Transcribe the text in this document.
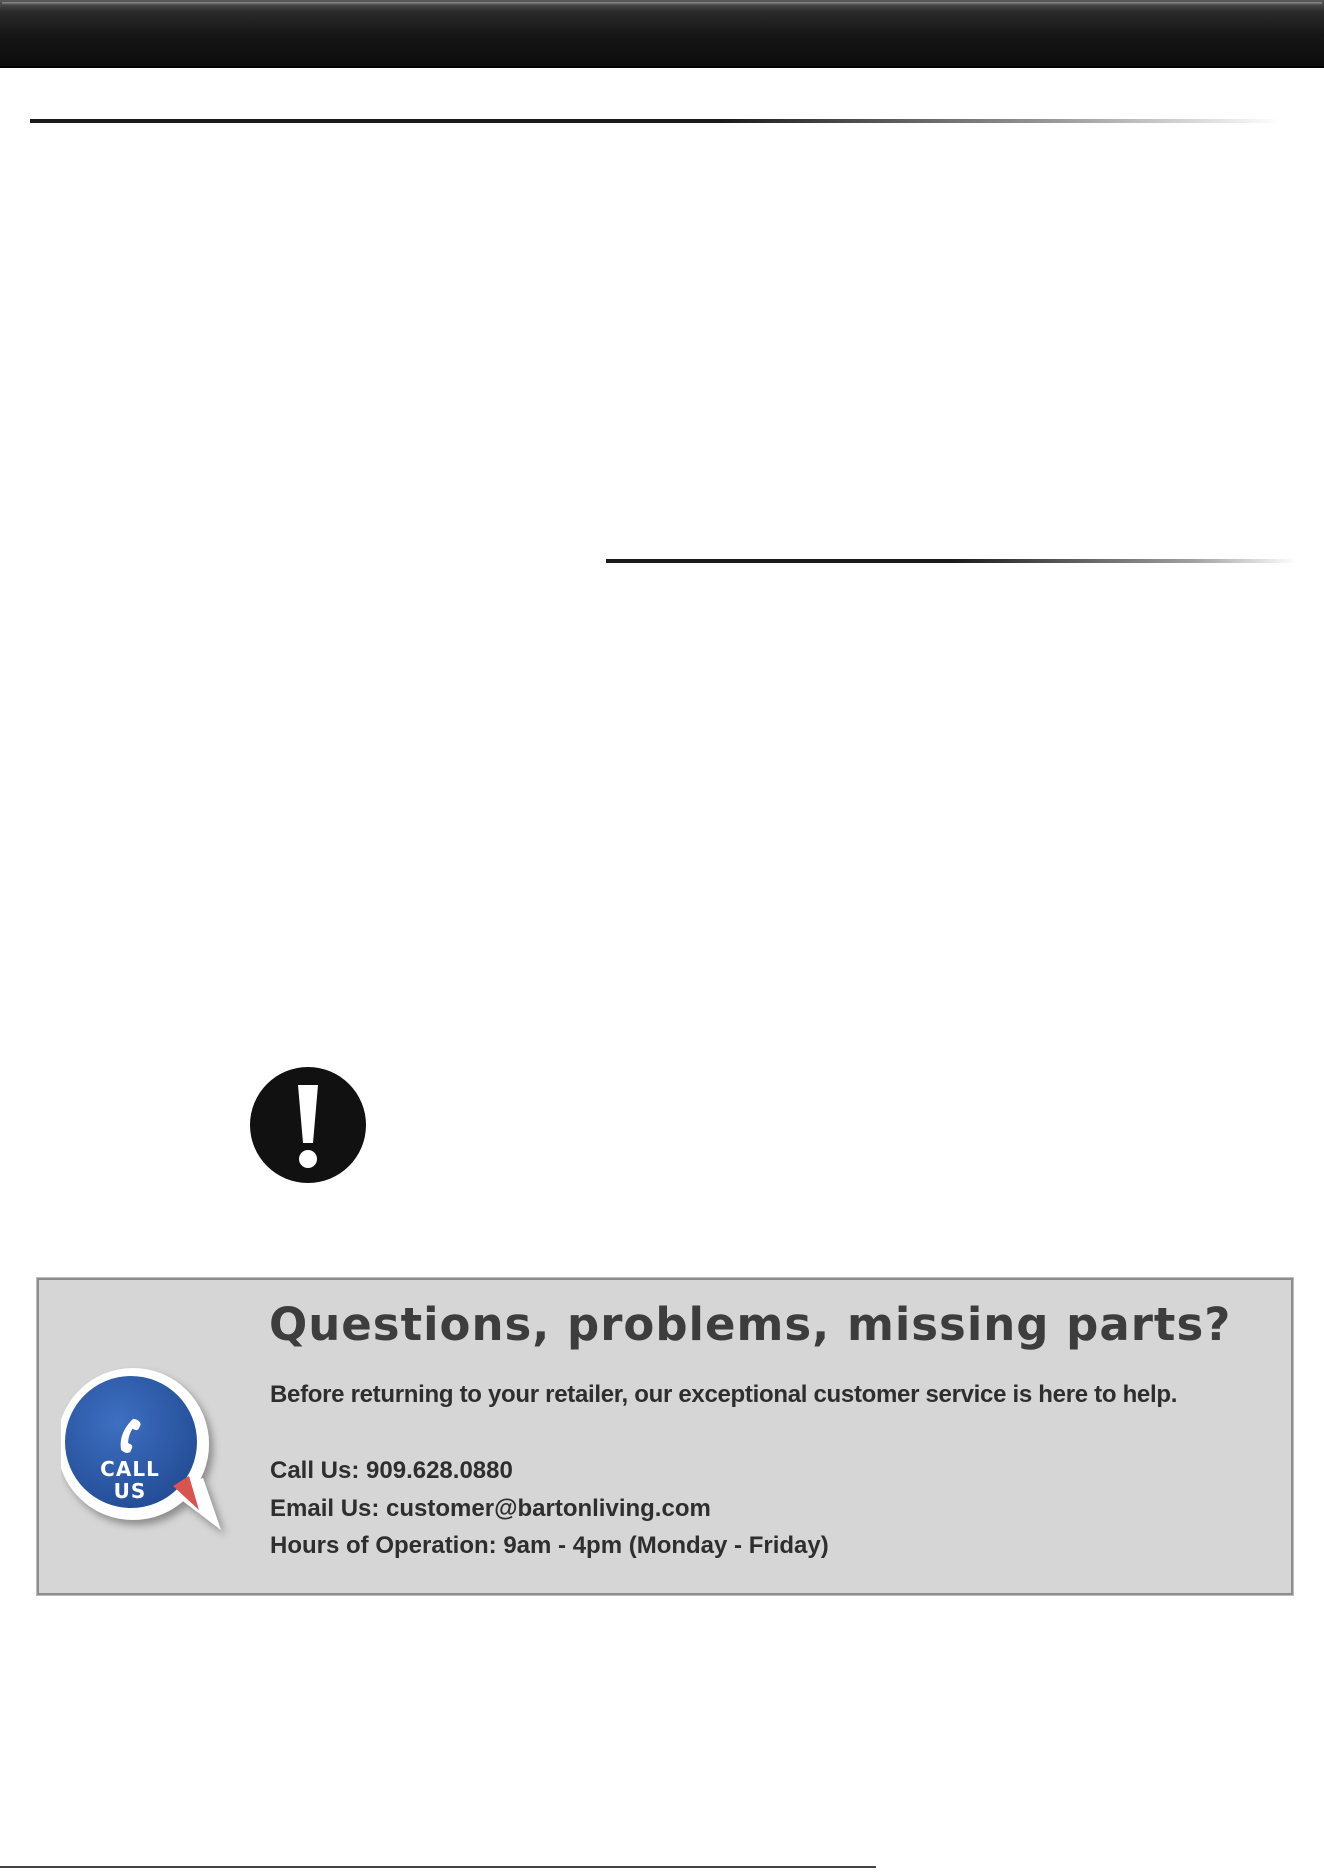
CALL
US
Questions, problems, missing parts?

Before returning to your retailer, our exceptional customer service is here to help.

Call Us: 909.628.0880

Email Us: customer@bartonliving.com

Hours of Operation: 9am - 4pm (Monday - Friday)
